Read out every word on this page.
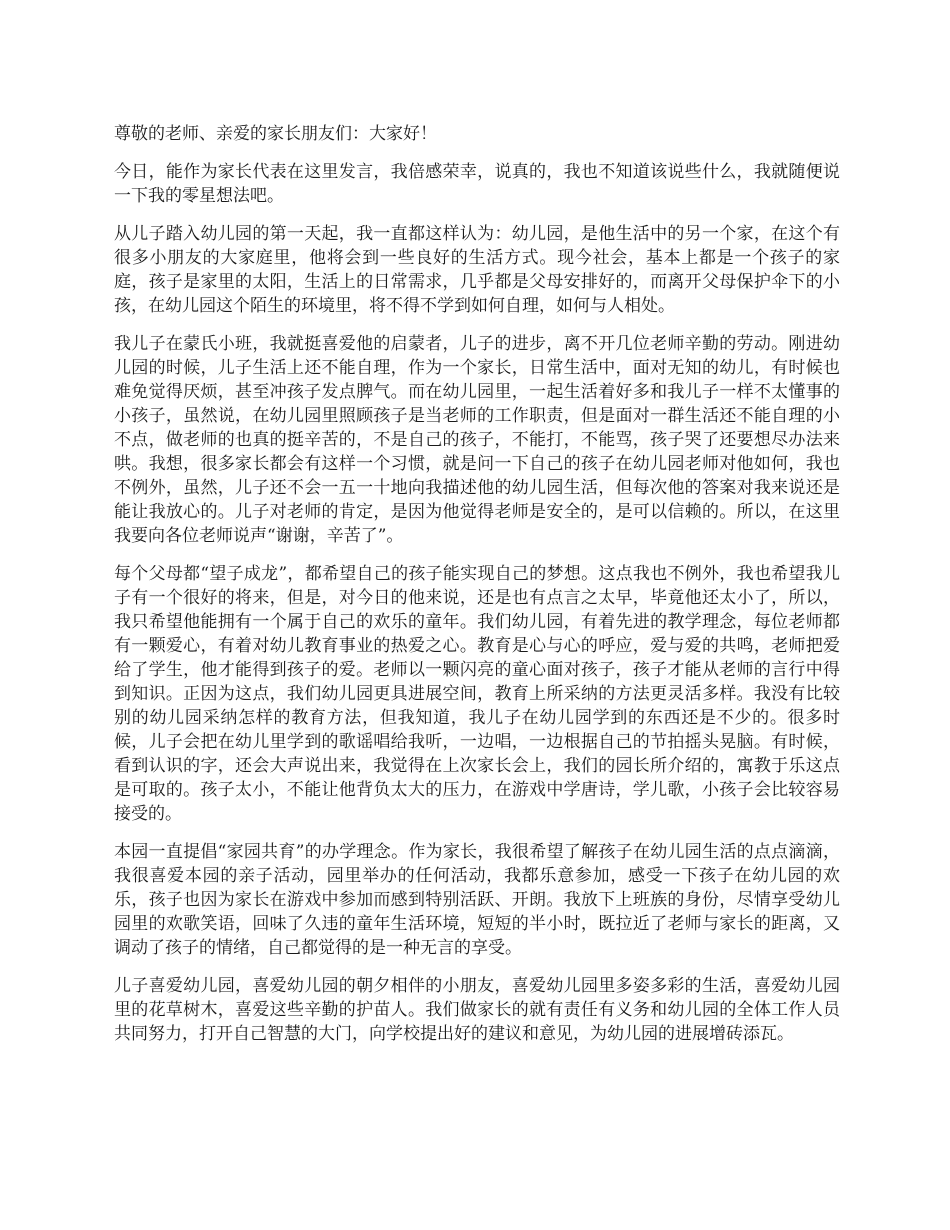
尊敬的老师、亲爱的家长朋友们：大家好！

今日，能作为家长代表在这里发言，我倍感荣幸，说真的，我也不知道该说些什么，我就随便说一下我的零星想法吧。

从儿子踏入幼儿园的第一天起，我一直都这样认为：幼儿园，是他生活中的另一个家，在这个有很多小朋友的大家庭里，他将会到一些良好的生活方式。现今社会，基本上都是一个孩子的家庭，孩子是家里的太阳，生活上的日常需求，几乎都是父母安排好的，而离开父母保护伞下的小孩，在幼儿园这个陌生的环境里，将不得不学到如何自理，如何与人相处。

我儿子在蒙氏小班，我就挺喜爱他的启蒙者，儿子的进步，离不开几位老师辛勤的劳动。刚进幼儿园的时候，儿子生活上还不能自理，作为一个家长，日常生活中，面对无知的幼儿，有时候也难免觉得厌烦，甚至冲孩子发点脾气。而在幼儿园里，一起生活着好多和我儿子一样不太懂事的小孩子，虽然说，在幼儿园里照顾孩子是当老师的工作职责，但是面对一群生活还不能自理的小不点，做老师的也真的挺辛苦的，不是自己的孩子，不能打，不能骂，孩子哭了还要想尽办法来哄。我想，很多家长都会有这样一个习惯，就是问一下自己的孩子在幼儿园老师对他如何，我也不例外，虽然，儿子还不会一五一十地向我描述他的幼儿园生活，但每次他的答案对我来说还是能让我放心的。儿子对老师的肯定，是因为他觉得老师是安全的，是可以信赖的。所以，在这里我要向各位老师说声“谢谢，辛苦了”。

每个父母都“望子成龙”，都希望自己的孩子能实现自己的梦想。这点我也不例外，我也希望我儿子有一个很好的将来，但是，对今日的他来说，还是也有点言之太早，毕竟他还太小了，所以，我只希望他能拥有一个属于自己的欢乐的童年。我们幼儿园，有着先进的教学理念，每位老师都有一颗爱心，有着对幼儿教育事业的热爱之心。教育是心与心的呼应，爱与爱的共鸣，老师把爱给了学生，他才能得到孩子的爱。老师以一颗闪亮的童心面对孩子，孩子才能从老师的言行中得到知识。正因为这点，我们幼儿园更具进展空间，教育上所采纳的方法更灵活多样。我没有比较别的幼儿园采纳怎样的教育方法，但我知道，我儿子在幼儿园学到的东西还是不少的。很多时候，儿子会把在幼儿里学到的歌谣唱给我听，一边唱，一边根据自己的节拍摇头晃脑。有时候，看到认识的字，还会大声说出来，我觉得在上次家长会上，我们的园长所介绍的，寓教于乐这点是可取的。孩子太小，不能让他背负太大的压力，在游戏中学唐诗，学儿歌，小孩子会比较容易接受的。

本园一直提倡“家园共育”的办学理念。作为家长，我很希望了解孩子在幼儿园生活的点点滴滴，我很喜爱本园的亲子活动，园里举办的任何活动，我都乐意参加，感受一下孩子在幼儿园的欢乐，孩子也因为家长在游戏中参加而感到特别活跃、开朗。我放下上班族的身份，尽情享受幼儿园里的欢歌笑语，回味了久违的童年生活环境，短短的半小时，既拉近了老师与家长的距离，又调动了孩子的情绪，自己都觉得的是一种无言的享受。

儿子喜爱幼儿园，喜爱幼儿园的朝夕相伴的小朋友，喜爱幼儿园里多姿多彩的生活，喜爱幼儿园里的花草树木，喜爱这些辛勤的护苗人。我们做家长的就有责任有义务和幼儿园的全体工作人员共同努力，打开自己智慧的大门，向学校提出好的建议和意见，为幼儿园的进展增砖添瓦。
